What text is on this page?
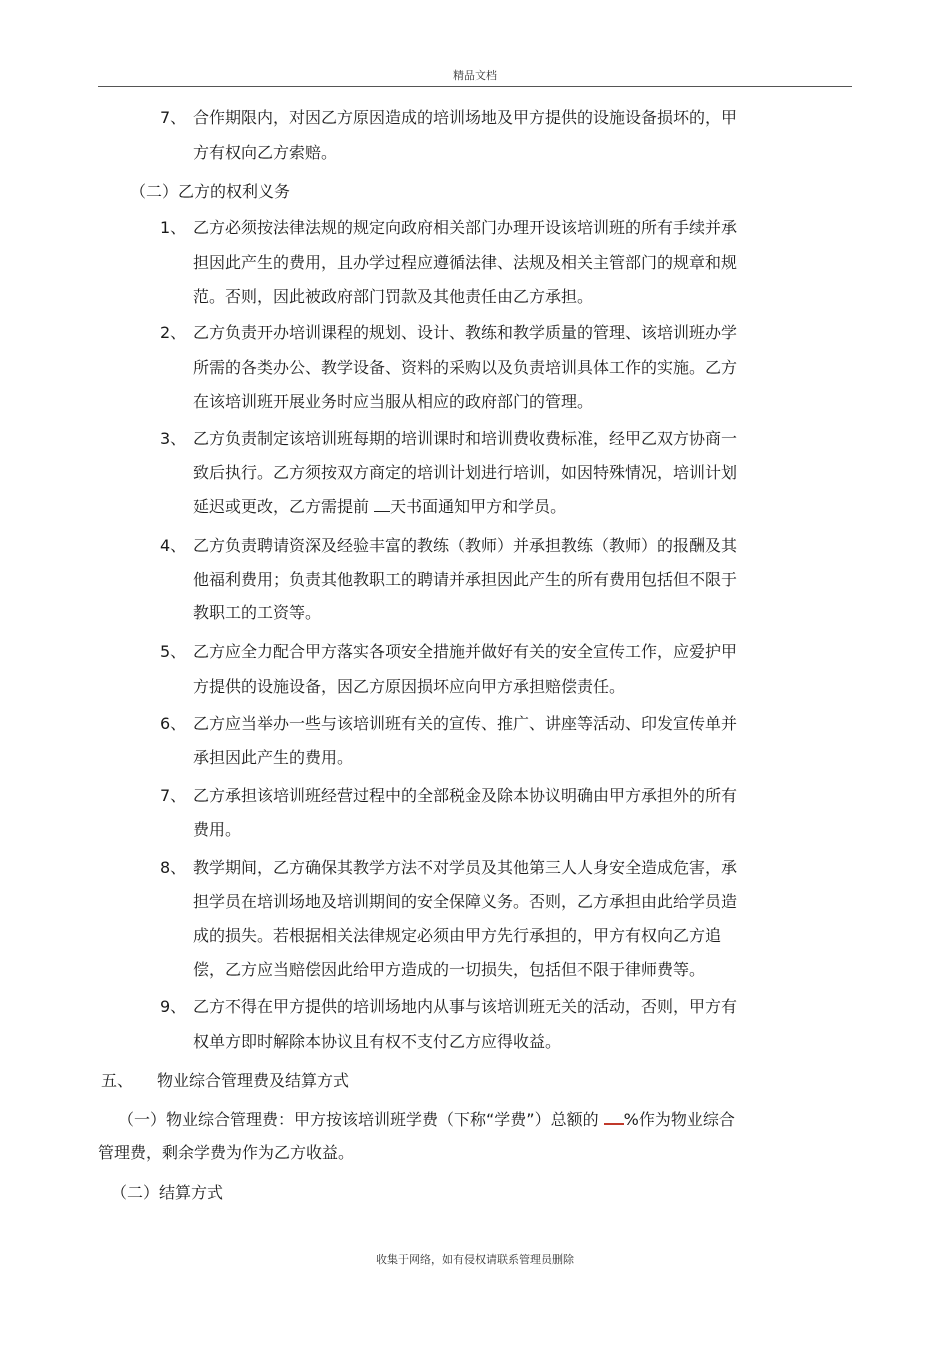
精品文档
7、 合作期限内，对因乙方原因造成的培训场地及甲方提供的设施设备损坏的，甲
方有权向乙方索赔。
（二）乙方的权利义务
1、 乙方必须按法律法规的规定向政府相关部门办理开设该培训班的所有手续并承
担因此产生的费用，且办学过程应遵循法律、法规及相关主管部门的规章和规
范。否则，因此被政府部门罚款及其他责任由乙方承担。
2、 乙方负责开办培训课程的规划、设计、教练和教学质量的管理、该培训班办学
所需的各类办公、教学设备、资料的采购以及负责培训具体工作的实施。乙方
在该培训班开展业务时应当服从相应的政府部门的管理。
3、 乙方负责制定该培训班每期的培训课时和培训费收费标准，经甲乙双方协商一
致后执行。乙方须按双方商定的培训计划进行培训，如因特殊情况，培训计划
延迟或更改，乙方需提前 天书面通知甲方和学员。
4、 乙方负责聘请资深及经验丰富的教练（教师）并承担教练（教师）的报酬及其
他福利费用；负责其他教职工的聘请并承担因此产生的所有费用包括但不限于
教职工的工资等。
5、 乙方应全力配合甲方落实各项安全措施并做好有关的安全宣传工作，应爱护甲
方提供的设施设备，因乙方原因损坏应向甲方承担赔偿责任。
6、 乙方应当举办一些与该培训班有关的宣传、推广、讲座等活动、印发宣传单并
承担因此产生的费用。
7、 乙方承担该培训班经营过程中的全部税金及除本协议明确由甲方承担外的所有
费用。
8、 教学期间，乙方确保其教学方法不对学员及其他第三人人身安全造成危害，承
担学员在培训场地及培训期间的安全保障义务。否则，乙方承担由此给学员造
成的损失。若根据相关法律规定必须由甲方先行承担的，甲方有权向乙方追
偿，乙方应当赔偿因此给甲方造成的一切损失，包括但不限于律师费等。
9、 乙方不得在甲方提供的培训场地内从事与该培训班无关的活动，否则，甲方有
权单方即时解除本协议且有权不支付乙方应得收益。
五、 物业综合管理费及结算方式
（一）物业综合管理费：甲方按该培训班学费（下称“学费”）总额的 %作为物业综合
管理费，剩余学费为作为乙方收益。
（二）结算方式
收集于网络，如有侵权请联系管理员删除
